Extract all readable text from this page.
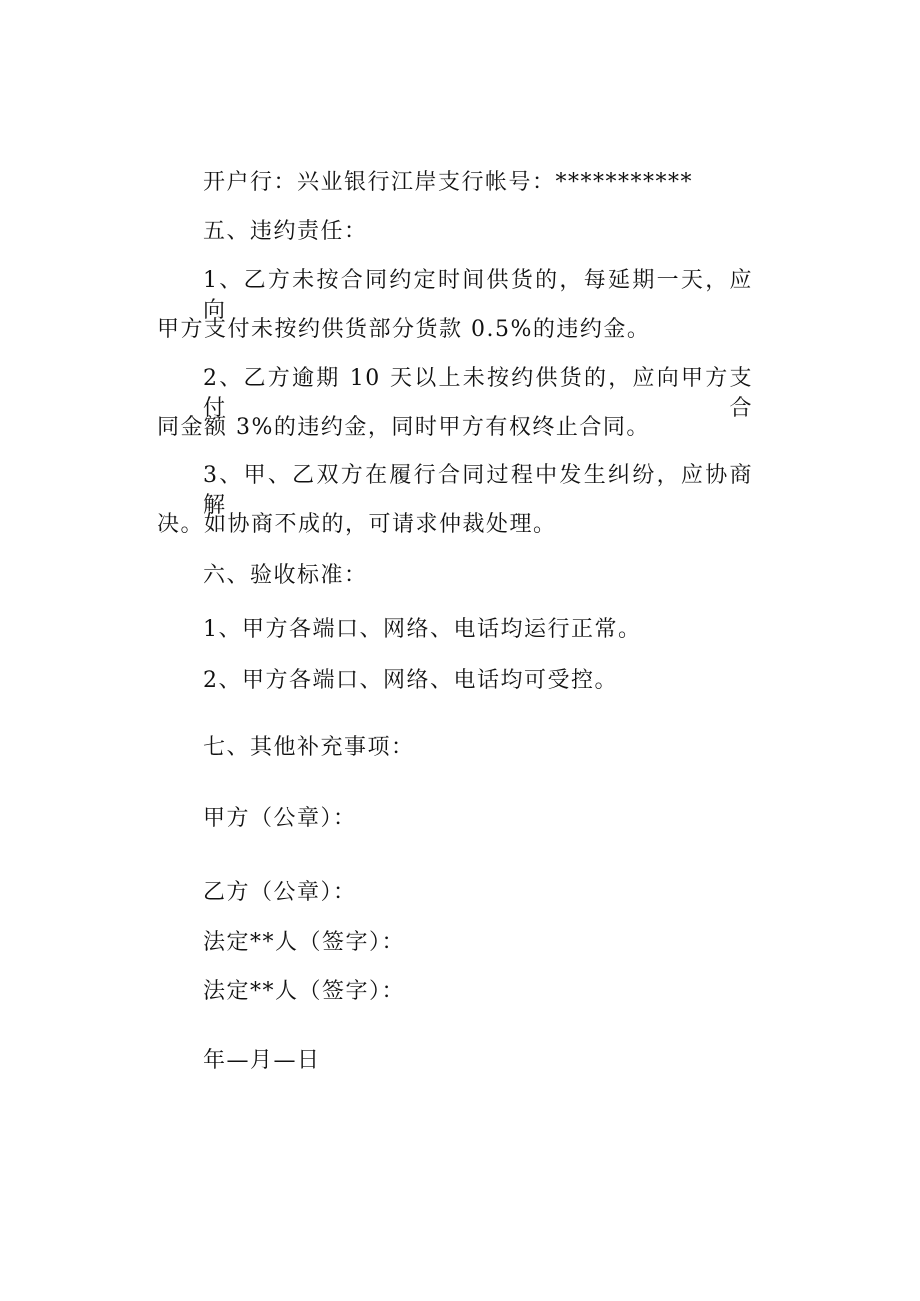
开户行：兴业银行江岸支行帐号：***********
五、违约责任：
1、乙方未按合同约定时间供货的，每延期一天，应向
甲方支付未按约供货部分货款 0.5%的违约金。
2、乙方逾期 10 天以上未按约供货的，应向甲方支付合
同金额 3%的违约金，同时甲方有权终止合同。
3、甲、乙双方在履行合同过程中发生纠纷，应协商解
决。如协商不成的，可请求仲裁处理。
六、验收标准：
1、甲方各端口、网络、电话均运行正常。
2、甲方各端口、网络、电话均可受控。
七、其他补充事项：
甲方（公章）：
乙方（公章）：
法定**人（签字）：
法定**人（签字）：
年—月—日
